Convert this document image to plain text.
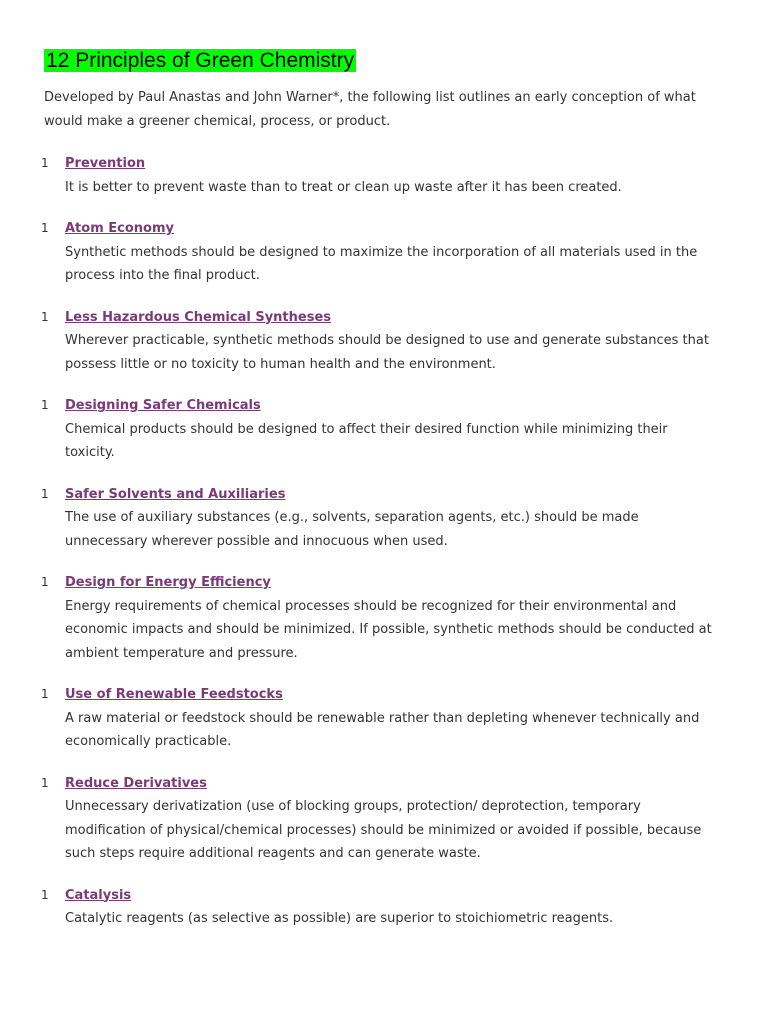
12 Principles of Green Chemistry

Developed by Paul Anastas and John Warner*, the following list outlines an early conception of what would make a greener chemical, process, or product.

1 Prevention

It is better to prevent waste than to treat or clean up waste after it has been created.

1 Atom Economy

Synthetic methods should be designed to maximize the incorporation of all materials used in the process into the final product.

1 Less Hazardous Chemical Syntheses

Wherever practicable, synthetic methods should be designed to use and generate substances that possess little or no toxicity to human health and the environment.

1 Designing Safer Chemicals

Chemical products should be designed to affect their desired function while minimizing their toxicity.

1 Safer Solvents and Auxiliaries

The use of auxiliary substances (e.g., solvents, separation agents, etc.) should be made unnecessary wherever possible and innocuous when used.

1 Design for Energy Efficiency

Energy requirements of chemical processes should be recognized for their environmental and economic impacts and should be minimized. If possible, synthetic methods should be conducted at ambient temperature and pressure.

1 Use of Renewable Feedstocks

A raw material or feedstock should be renewable rather than depleting whenever technically and economically practicable.

1 Reduce Derivatives

Unnecessary derivatization (use of blocking groups, protection/ deprotection, temporary modification of physical/chemical processes) should be minimized or avoided if possible, because such steps require additional reagents and can generate waste.

1 Catalysis

Catalytic reagents (as selective as possible) are superior to stoichiometric reagents.
